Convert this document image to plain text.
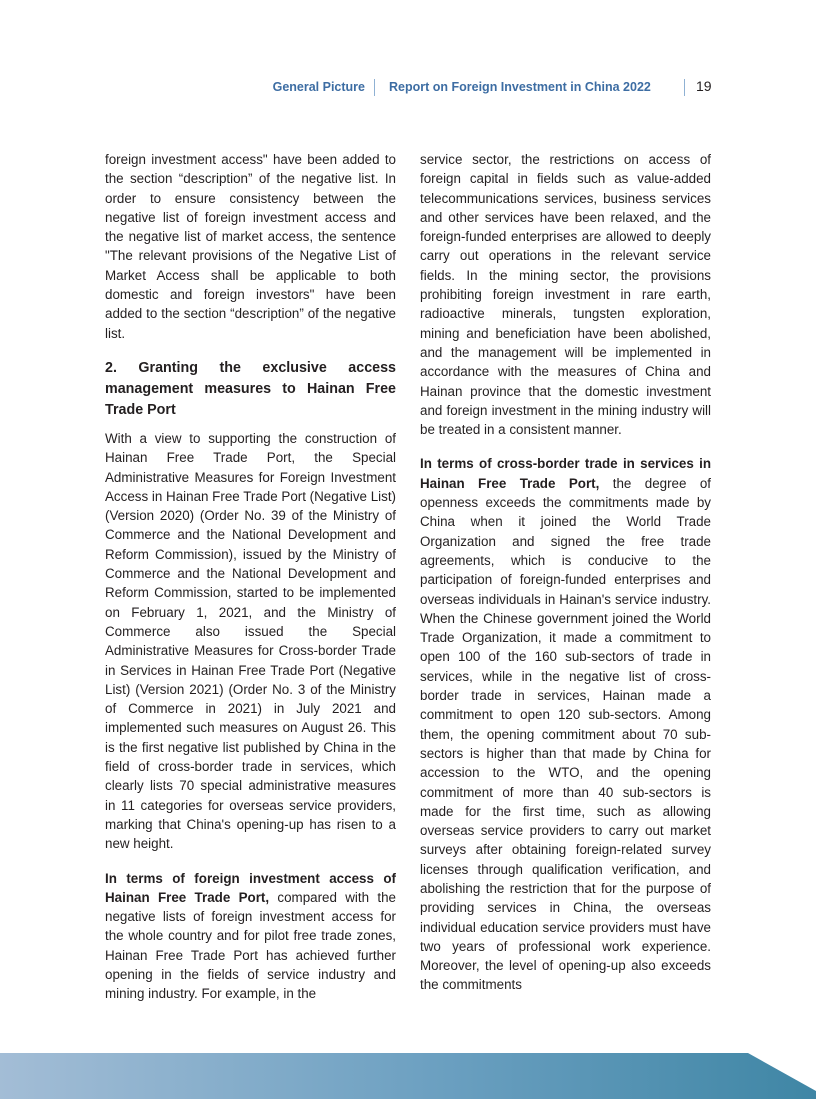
General Picture Report on Foreign Investment in China 2022	19

foreign investment access" have been added to the section “description” of the negative list. In order to ensure consistency between the negative list of foreign investment access and the negative list of market access, the sentence "The relevant provisions of the Negative List of Market Access shall be applicable to both domestic and foreign investors" have been added to the section “description” of the negative list.

2. Granting the exclusive access management measures to Hainan Free Trade Port

With a view to supporting the construction of Hainan Free Trade Port, the Special Administrative Measures for Foreign Investment Access in Hainan Free Trade Port (Negative List) (Version 2020) (Order No. 39 of the Ministry of Commerce and the National Development and Reform Commission), issued by the Ministry of Commerce and the National Development and Reform Commission, started to be implemented on February 1, 2021, and the Ministry of Commerce also issued the Special Administrative Measures for Cross-border Trade in Services in Hainan Free Trade Port (Negative List) (Version 2021) (Order No. 3 of the Ministry of Commerce in 2021) in July 2021 and implemented such measures on August 26. This is the first negative list published by China in the field of cross-border trade in services, which clearly lists 70 special administrative measures in 11 categories for overseas service providers, marking that China's opening-up has risen to a new height.

In terms of foreign investment access of Hainan Free Trade Port, compared with the negative lists of foreign investment access for the whole country and for pilot free trade zones, Hainan Free Trade Port has achieved further opening in the fields of service industry and mining industry. For example, in the

service sector, the restrictions on access of foreign capital in fields such as value-added telecommunications services, business services and other services have been relaxed, and the foreign-funded enterprises are allowed to deeply carry out operations in the relevant service fields. In the mining sector, the provisions prohibiting foreign investment in rare earth, radioactive minerals, tungsten exploration, mining and beneficiation have been abolished, and the management will be implemented in accordance with the measures of China and Hainan province that the domestic investment and foreign investment in the mining industry will be treated in a consistent manner.

In terms of cross-border trade in services in Hainan Free Trade Port, the degree of openness exceeds the commitments made by China when it joined the World Trade Organization and signed the free trade agreements, which is conducive to the participation of foreign-funded enterprises and overseas individuals in Hainan's service industry. When the Chinese government joined the World Trade Organization, it made a commitment to open 100 of the 160 sub-sectors of trade in services, while in the negative list of cross-border trade in services, Hainan made a commitment to open 120 sub-sectors. Among them, the opening commitment about 70 sub-sectors is higher than that made by China for accession to the WTO, and the opening commitment of more than 40 sub-sectors is made for the first time, such as allowing overseas service providers to carry out market surveys after obtaining foreign-related survey licenses through qualification verification, and abolishing the restriction that for the purpose of providing services in China, the overseas individual education service providers must have two years of professional work experience. Moreover, the level of opening-up also exceeds the commitments
